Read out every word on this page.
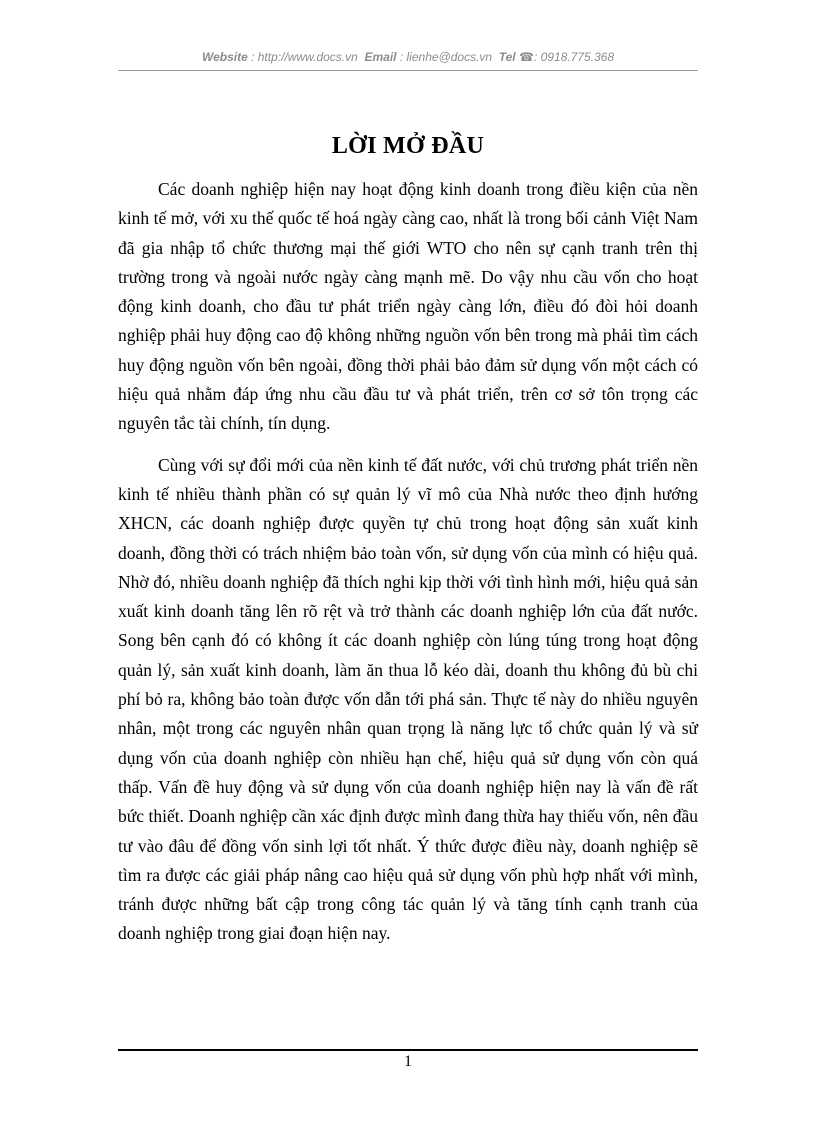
Website : http://www.docs.vn Email : lienhe@docs.vn Tel ☎: 0918.775.368
LỜI MỞ ĐẦU

Các doanh nghiệp hiện nay hoạt động kinh doanh trong điều kiện của nền kinh tế mở, với xu thế quốc tế hoá ngày càng cao, nhất là trong bối cảnh Việt Nam đã gia nhập tổ chức thương mại thế giới WTO cho nên sự cạnh tranh trên thị trường trong và ngoài nước ngày càng mạnh mẽ. Do vậy nhu cầu vốn cho hoạt động kinh doanh, cho đầu tư phát triển ngày càng lớn, điều đó đòi hỏi doanh nghiệp phải huy động cao độ không những nguồn vốn bên trong mà phải tìm cách huy động nguồn vốn bên ngoài, đồng thời phải bảo đảm sử dụng vốn một cách có hiệu quả nhằm đáp ứng nhu cầu đầu tư và phát triển, trên cơ sở tôn trọng các nguyên tắc tài chính, tín dụng.

Cùng với sự đổi mới của nền kinh tế đất nước, với chủ trương phát triển nền kinh tế nhiều thành phần có sự quản lý vĩ mô của Nhà nước theo định hướng XHCN, các doanh nghiệp được quyền tự chủ trong hoạt động sản xuất kinh doanh, đồng thời có trách nhiệm bảo toàn vốn, sử dụng vốn của mình có hiệu quả. Nhờ đó, nhiều doanh nghiệp đã thích nghi kịp thời với tình hình mới, hiệu quả sản xuất kinh doanh tăng lên rõ rệt và trở thành các doanh nghiệp lớn của đất nước. Song bên cạnh đó có không ít các doanh nghiệp còn lúng túng trong hoạt động quản lý, sản xuất kinh doanh, làm ăn thua lỗ kéo dài, doanh thu không đủ bù chi phí bỏ ra, không bảo toàn được vốn dẫn tới phá sản. Thực tế này do nhiều nguyên nhân, một trong các nguyên nhân quan trọng là năng lực tổ chức quản lý và sử dụng vốn của doanh nghiệp còn nhiều hạn chế, hiệu quả sử dụng vốn còn quá thấp. Vấn đề huy động và sử dụng vốn của doanh nghiệp hiện nay là vấn đề rất bức thiết. Doanh nghiệp cần xác định được mình đang thừa hay thiếu vốn, nên đầu tư vào đâu để đồng vốn sinh lợi tốt nhất. Ý thức được điều này, doanh nghiệp sẽ tìm ra được các giải pháp nâng cao hiệu quả sử dụng vốn phù hợp nhất với mình, tránh được những bất cập trong công tác quản lý và tăng tính cạnh tranh của doanh nghiệp trong giai đoạn hiện nay.

1
